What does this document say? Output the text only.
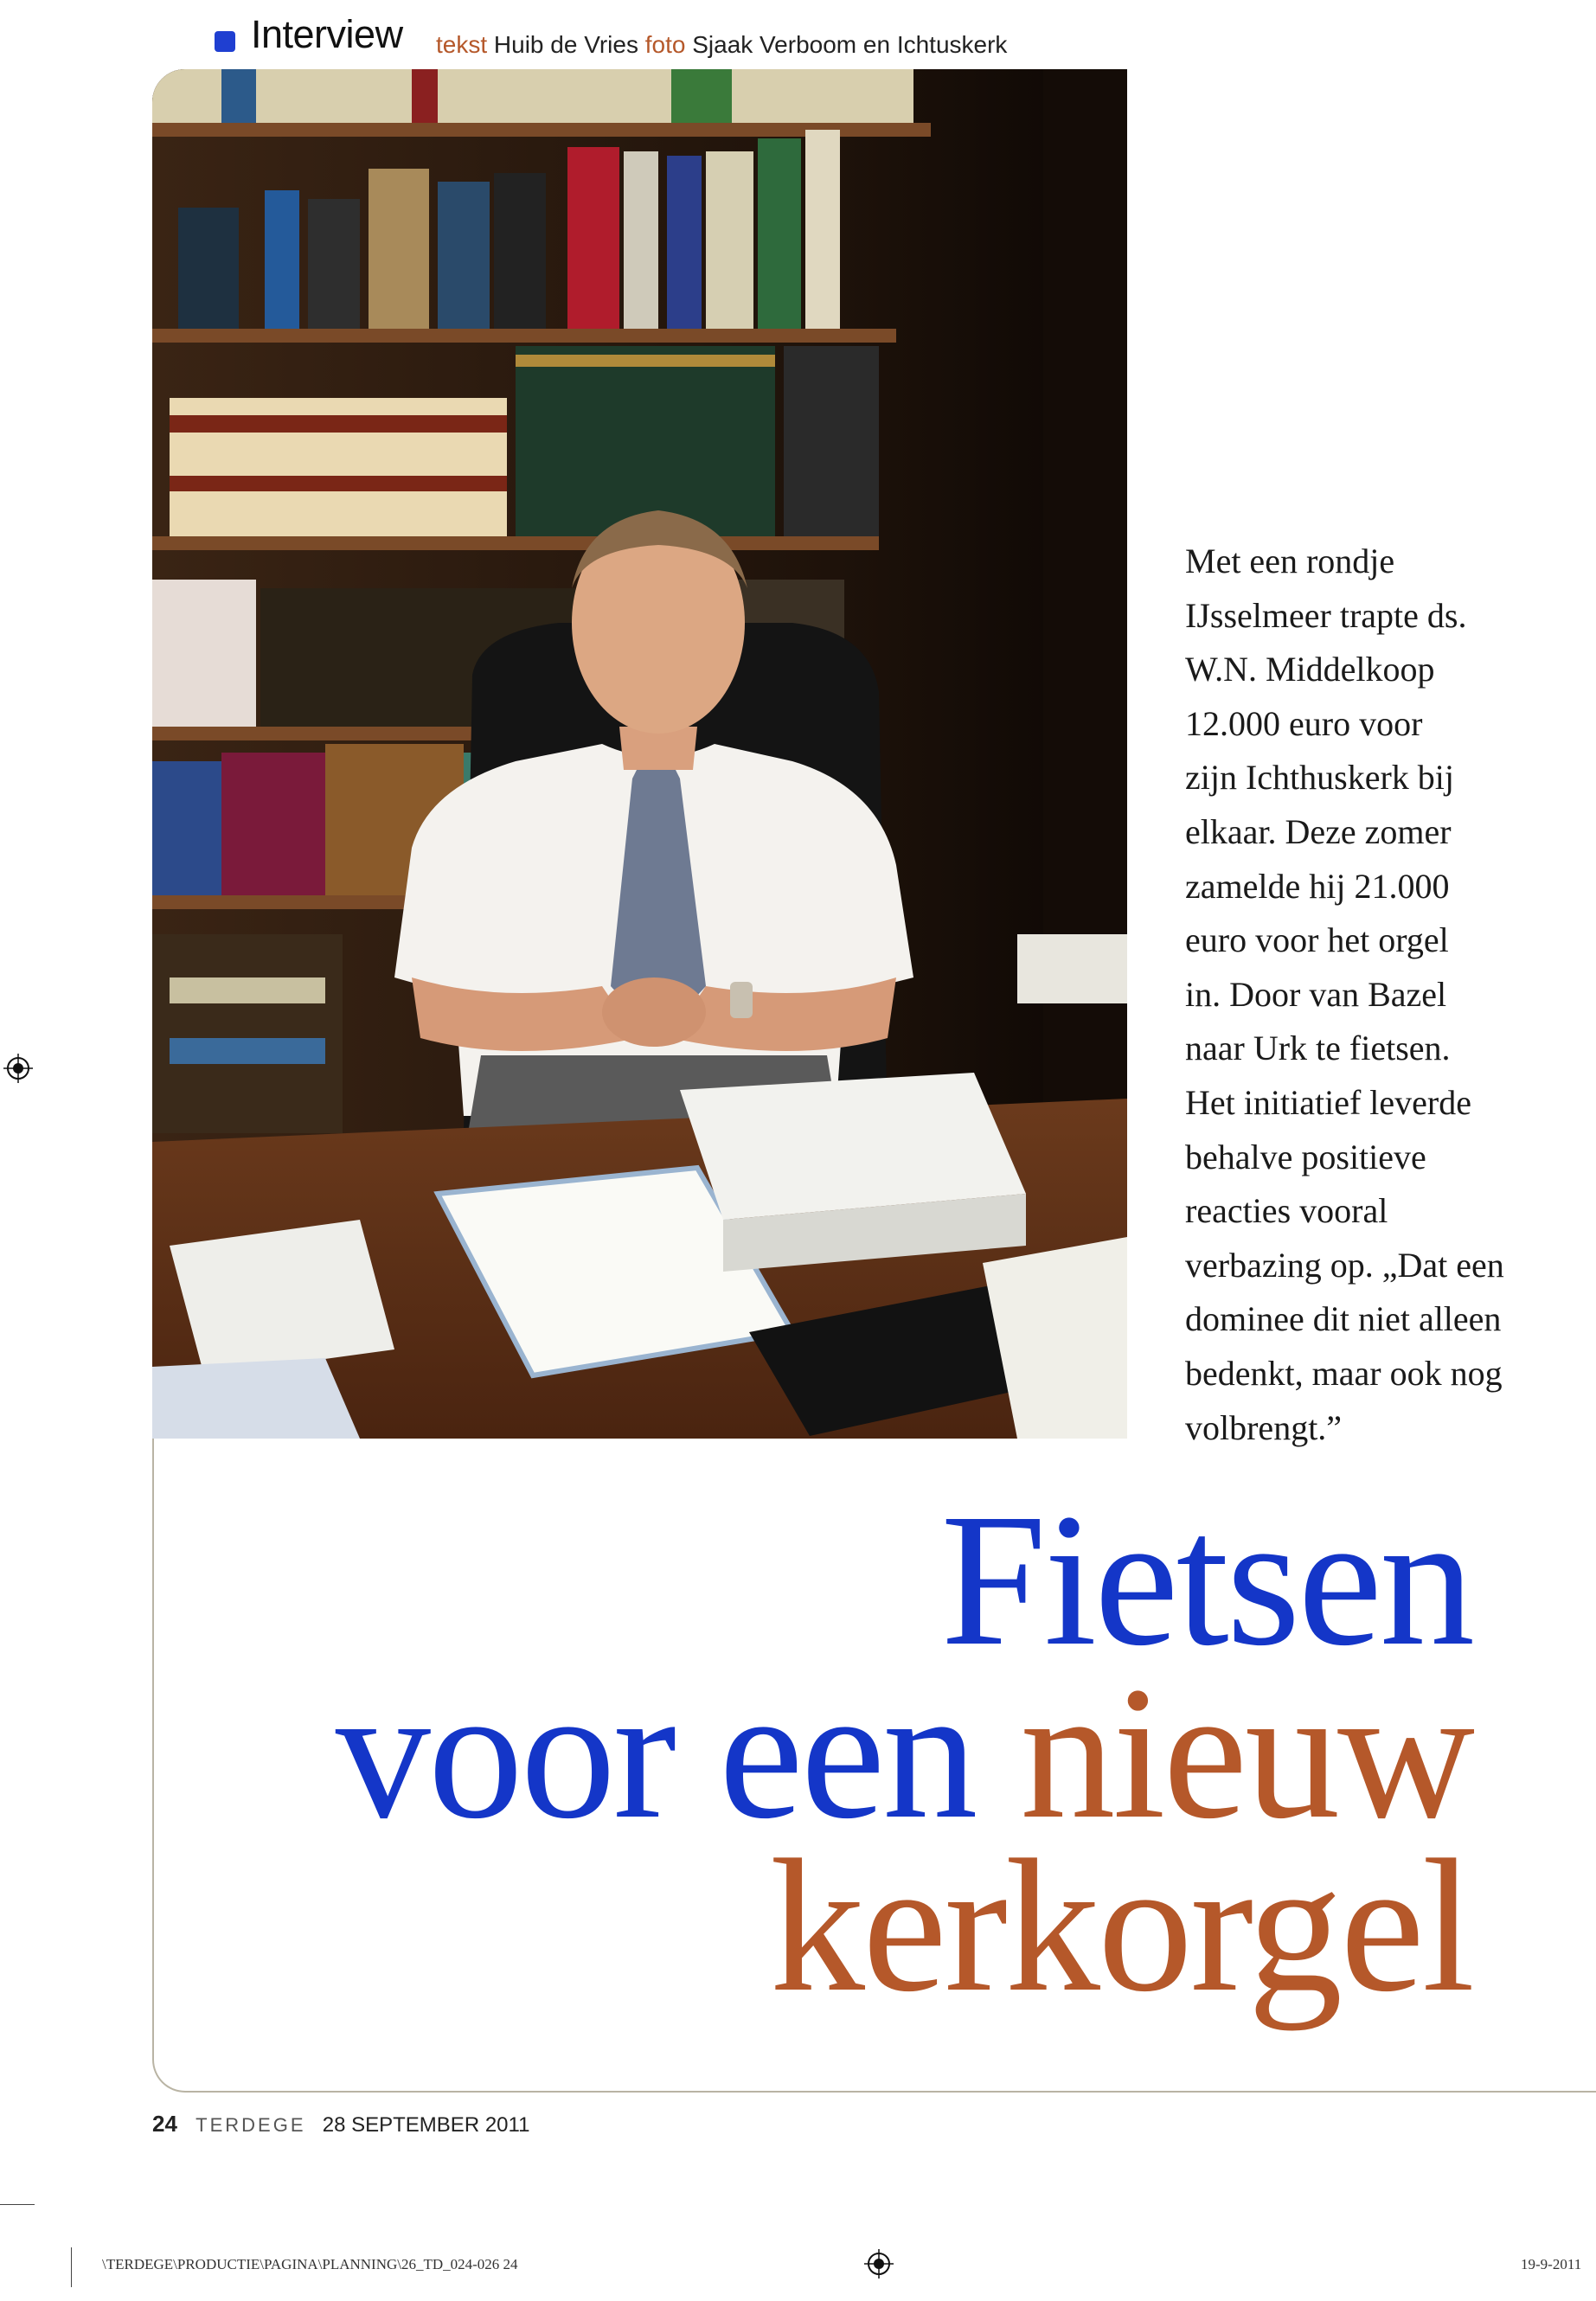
Interview tekst Huib de Vries foto Sjaak Verboom en Ichtuskerk
Met een rondje
IJsselmeer trapte ds.
W.N. Middelkoop
12.000 euro voor
zijn Ichthuskerk bij
elkaar. Deze zomer
zamelde hij 21.000
euro voor het orgel
in. Door van Bazel
naar Urk te fietsen.
Het initiatief leverde
behalve positieve
reacties vooral
verbazing op. „Dat een
dominee dit niet alleen
bedenkt, maar ook nog
volbrengt.”
Fietsen
voor een nieuw
kerkorgel
24 TERDEGE 28 SEPTEMBER 2011
\TERDEGE\PRODUCTIE\PAGINA\PLANNING\26_TD_024-026 24	19-9-2011
